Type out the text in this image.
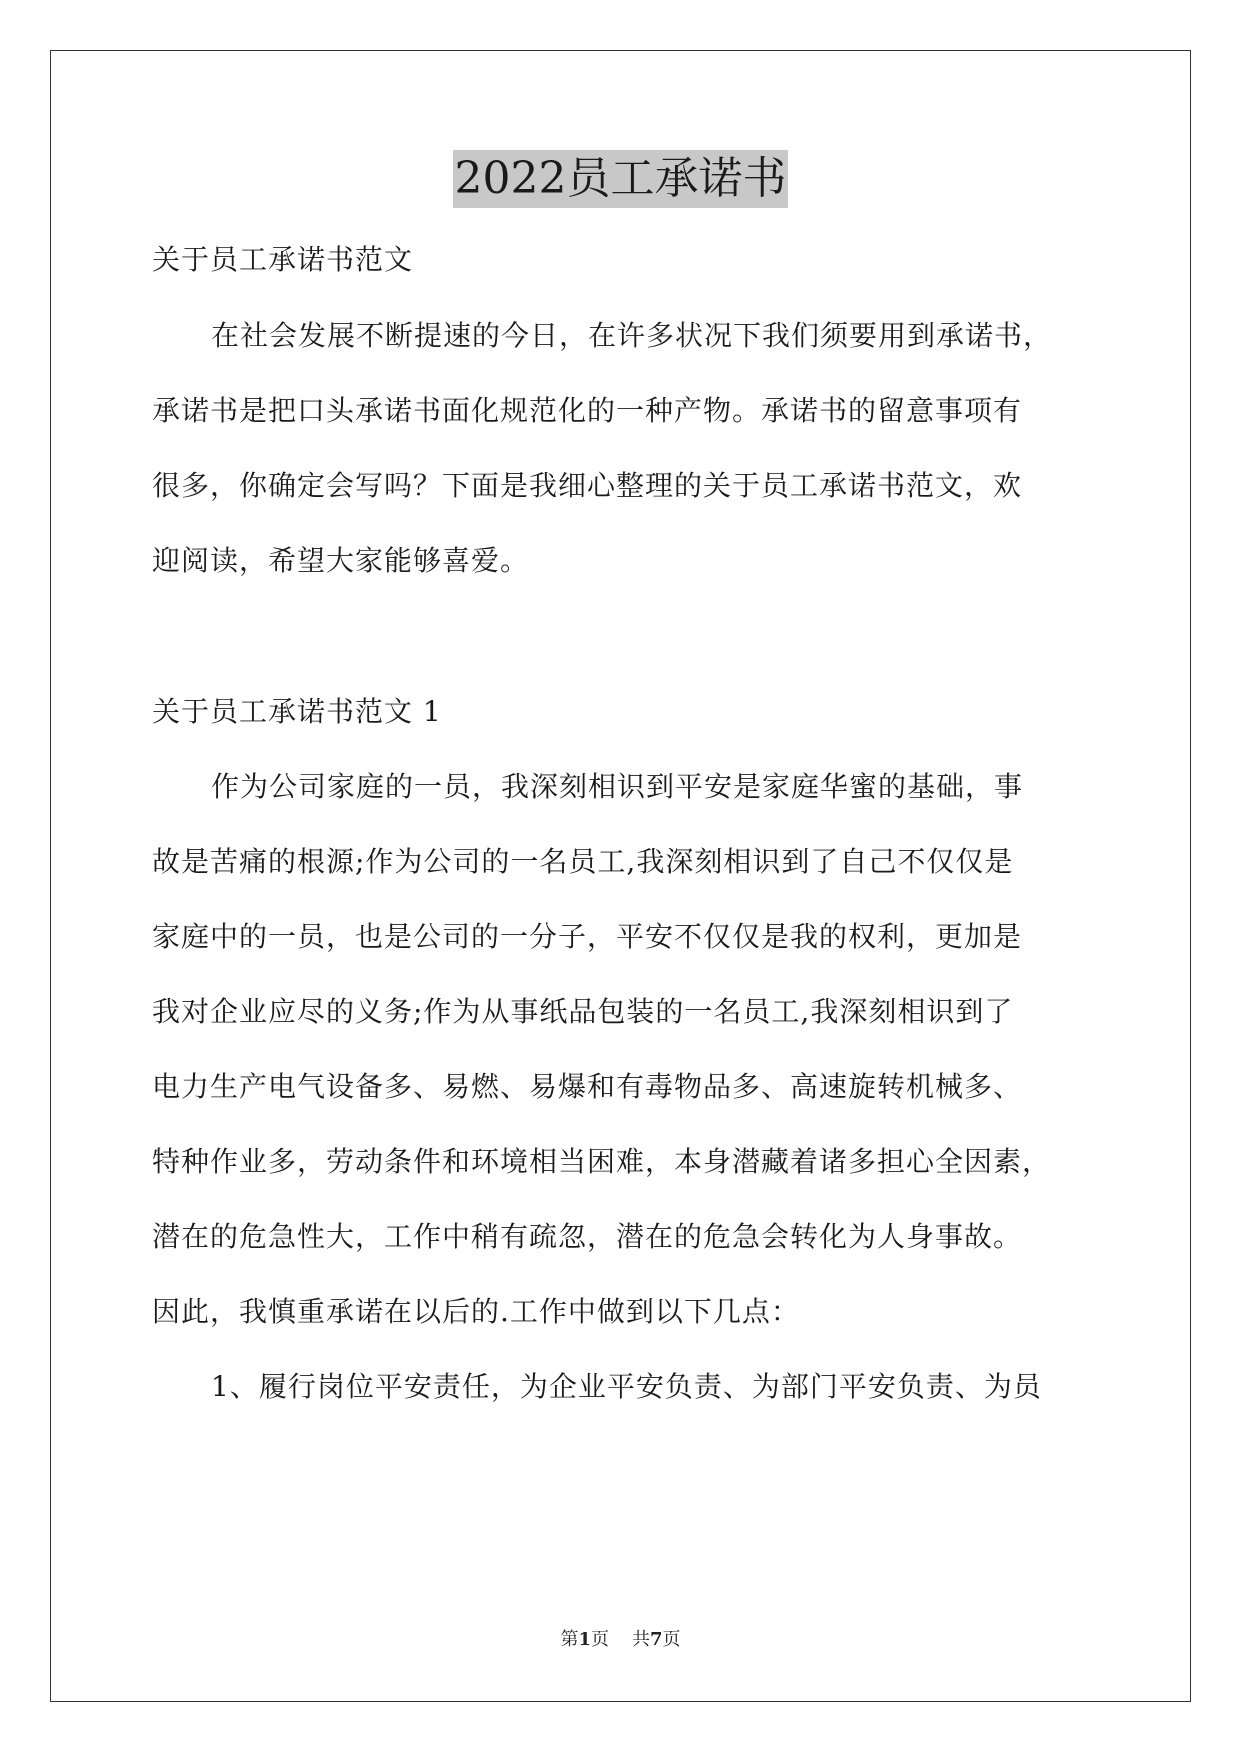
2022员工承诺书
关于员工承诺书范文
在社会发展不断提速的今日，在许多状况下我们须要用到承诺书，
承诺书是把口头承诺书面化规范化的一种产物。承诺书的留意事项有
很多，你确定会写吗？下面是我细心整理的关于员工承诺书范文，欢
迎阅读，希望大家能够喜爱。
关于员工承诺书范文 1
作为公司家庭的一员，我深刻相识到平安是家庭华蜜的基础，事
故是苦痛的根源;作为公司的一名员工,我深刻相识到了自己不仅仅是
家庭中的一员，也是公司的一分子，平安不仅仅是我的权利，更加是
我对企业应尽的义务;作为从事纸品包装的一名员工,我深刻相识到了
电力生产电气设备多、易燃、易爆和有毒物品多、高速旋转机械多、
特种作业多，劳动条件和环境相当困难，本身潜藏着诸多担心全因素，
潜在的危急性大，工作中稍有疏忽，潜在的危急会转化为人身事故。
因此，我慎重承诺在以后的.工作中做到以下几点：
1、履行岗位平安责任，为企业平安负责、为部门平安负责、为员
第1页 共7页
